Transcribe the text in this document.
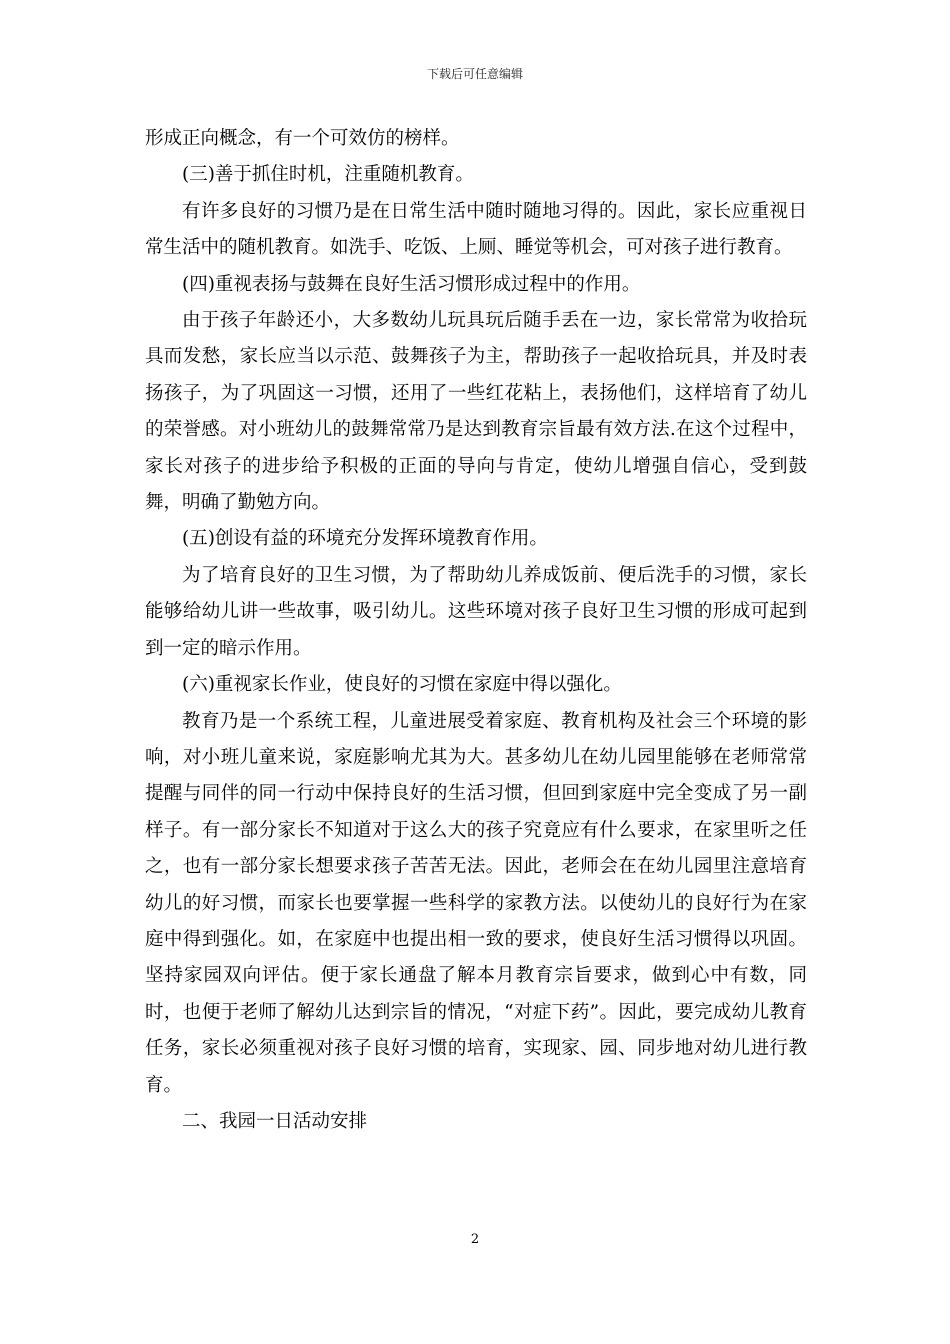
下载后可任意编辑

形成正向概念，有一个可效仿的榜样。

(三)善于抓住时机，注重随机教育。

有许多良好的习惯乃是在日常生活中随时随地习得的。因此，家长应重视日常生活中的随机教育。如洗手、吃饭、上厕、睡觉等机会，可对孩子进行教育。

(四)重视表扬与鼓舞在良好生活习惯形成过程中的作用。

由于孩子年龄还小，大多数幼儿玩具玩后随手丢在一边，家长常常为收拾玩具而发愁，家长应当以示范、鼓舞孩子为主，帮助孩子一起收拾玩具，并及时表扬孩子，为了巩固这一习惯，还用了一些红花粘上，表扬他们，这样培育了幼儿的荣誉感。对小班幼儿的鼓舞常常乃是达到教育宗旨最有效方法.在这个过程中，家长对孩子的进步给予积极的正面的导向与肯定，使幼儿增强自信心，受到鼓舞，明确了勤勉方向。

(五)创设有益的环境充分发挥环境教育作用。

为了培育良好的卫生习惯，为了帮助幼儿养成饭前、便后洗手的习惯，家长能够给幼儿讲一些故事，吸引幼儿。这些环境对孩子良好卫生习惯的形成可起到到一定的暗示作用。

(六)重视家长作业，使良好的习惯在家庭中得以强化。

教育乃是一个系统工程，儿童进展受着家庭、教育机构及社会三个环境的影响，对小班儿童来说，家庭影响尤其为大。甚多幼儿在幼儿园里能够在老师常常提醒与同伴的同一行动中保持良好的生活习惯，但回到家庭中完全变成了另一副样子。有一部分家长不知道对于这么大的孩子究竟应有什么要求，在家里听之任之，也有一部分家长想要求孩子苦苦无法。因此，老师会在在幼儿园里注意培育幼儿的好习惯，而家长也要掌握一些科学的家教方法。以使幼儿的良好行为在家庭中得到强化。如，在家庭中也提出相一致的要求，使良好生活习惯得以巩固。坚持家园双向评估。便于家长通盘了解本月教育宗旨要求，做到心中有数，同时，也便于老师了解幼儿达到宗旨的情况，“对症下药”。因此，要完成幼儿教育任务，家长必须重视对孩子良好习惯的培育，实现家、园、同步地对幼儿进行教育。

二、我园一日活动安排

2
